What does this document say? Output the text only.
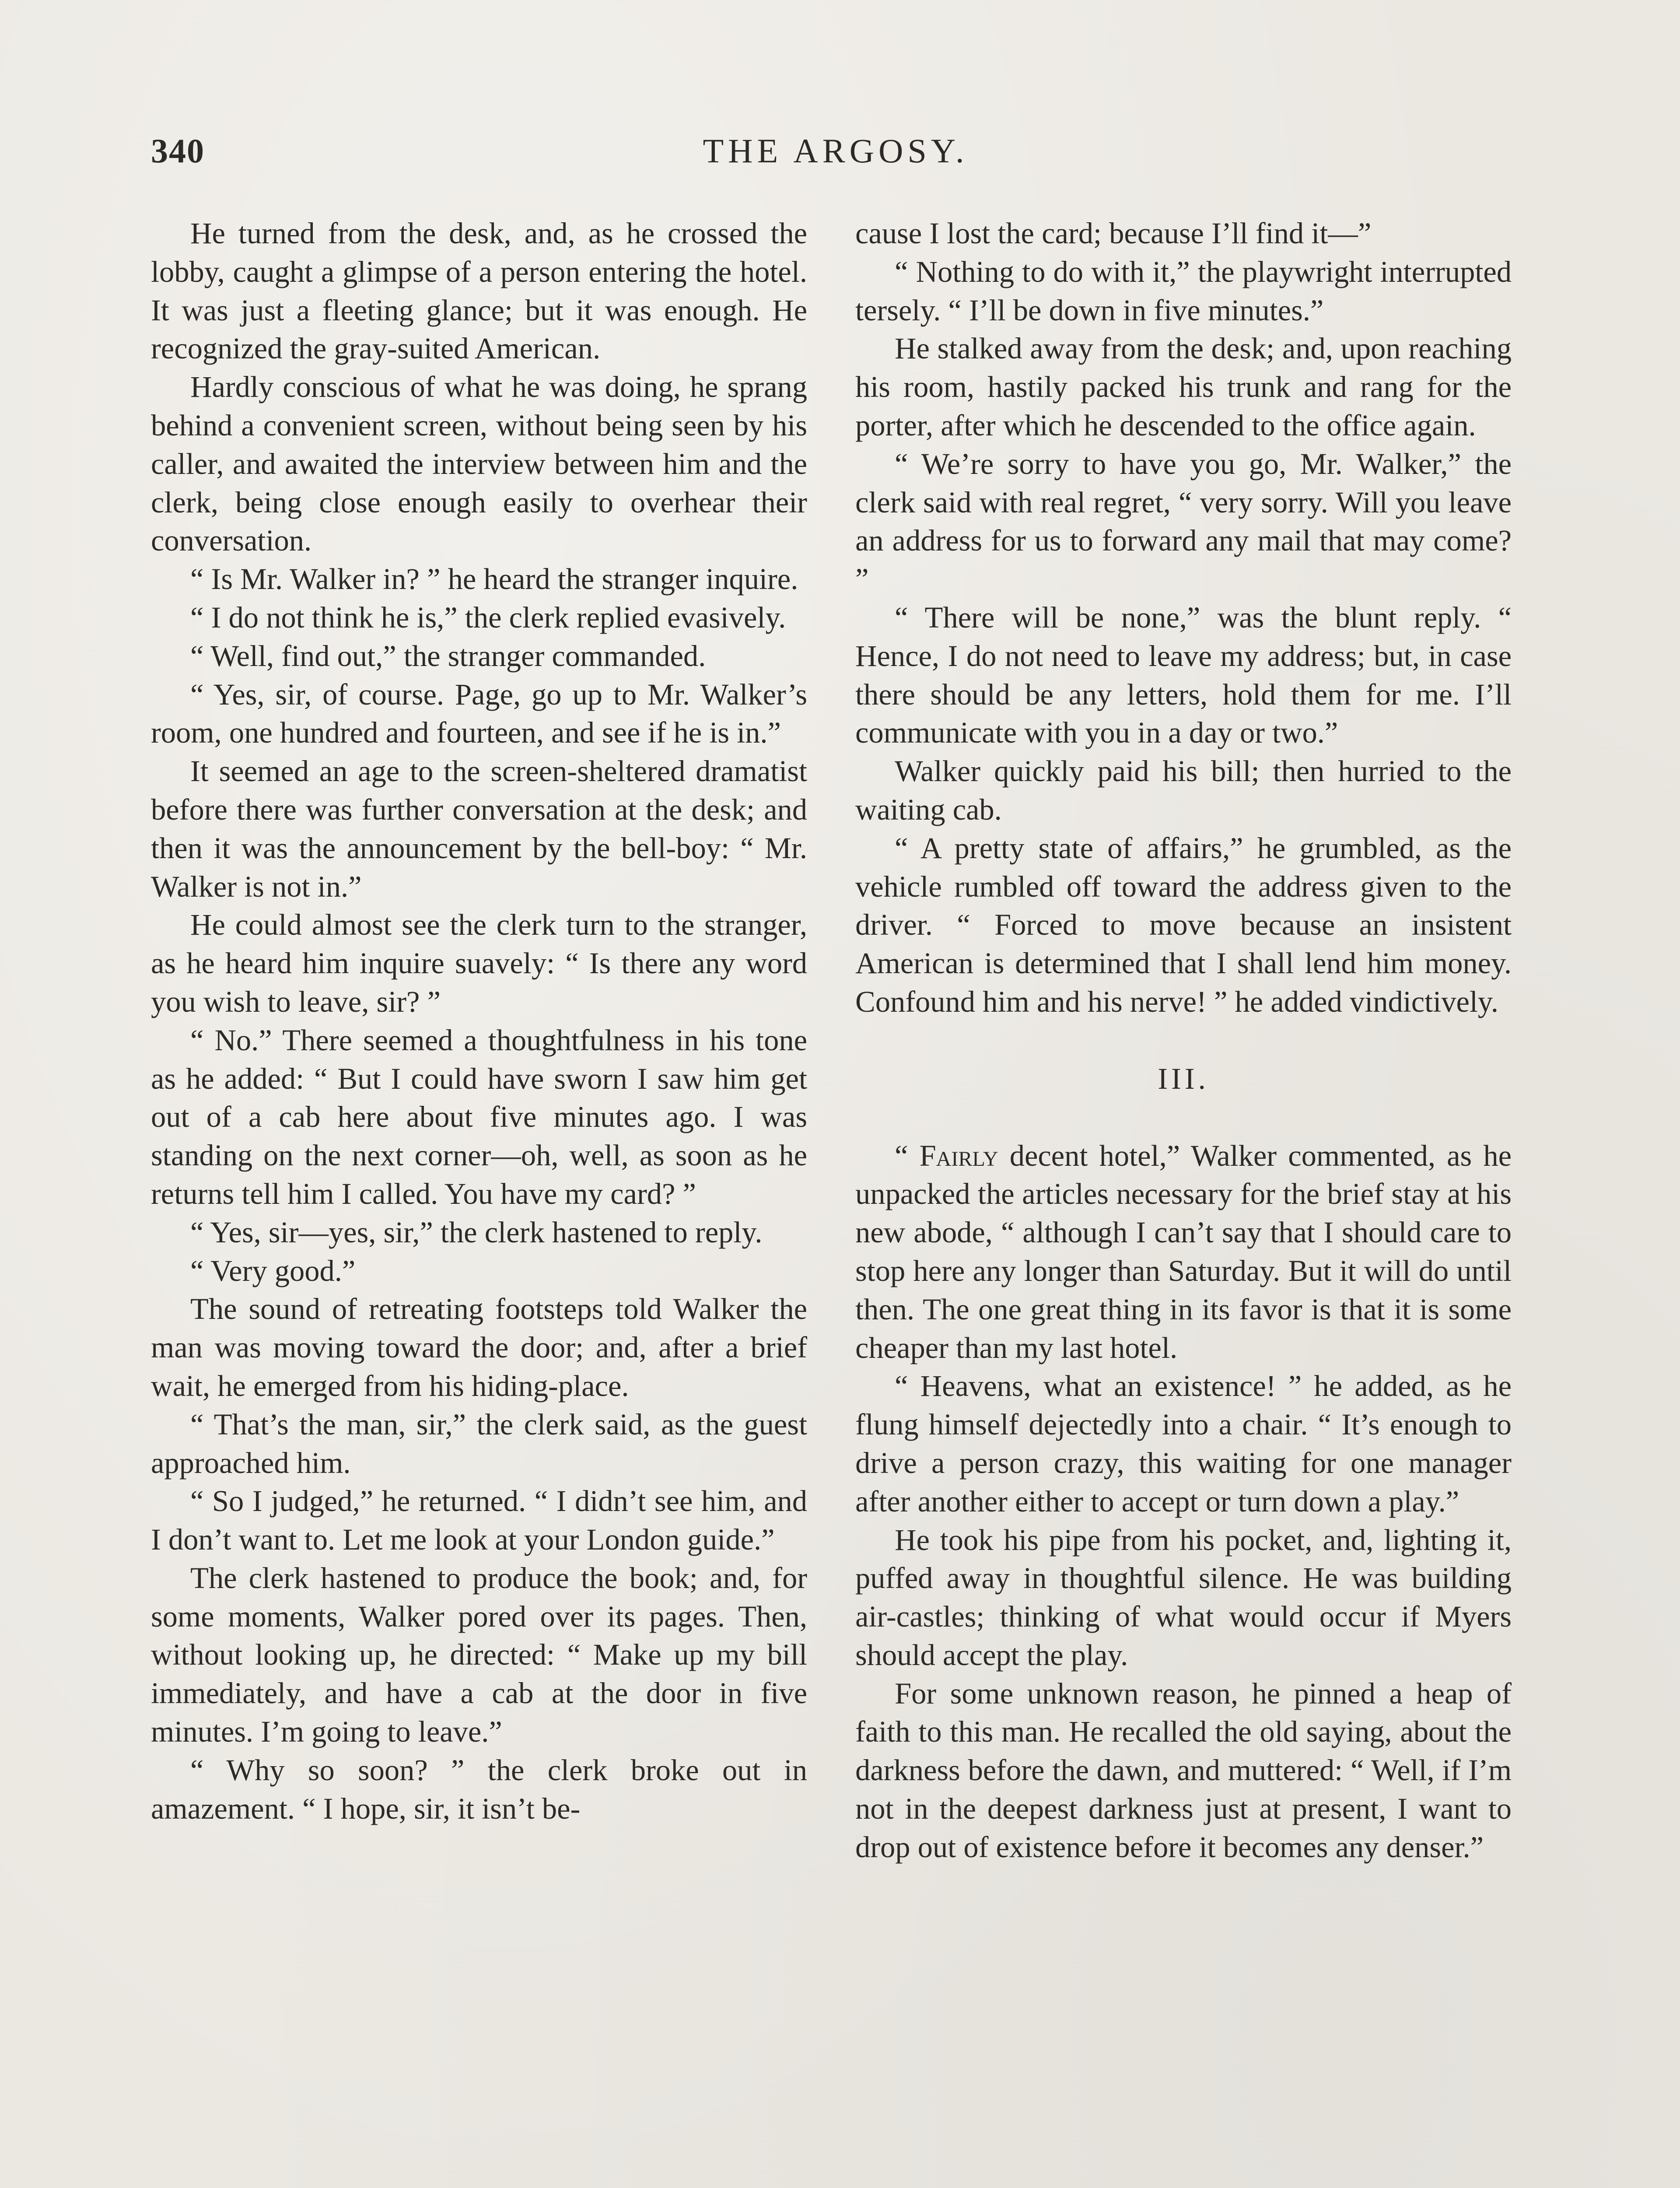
340	THE ARGOSY.

He turned from the desk, and, as he crossed the lobby, caught a glimpse of a person entering the hotel. It was just a fleeting glance; but it was enough. He recognized the gray-suited American.

Hardly conscious of what he was doing, he sprang behind a convenient screen, without being seen by his caller, and awaited the interview between him and the clerk, being close enough easily to overhear their conversation.

“ Is Mr. Walker in? ” he heard the stranger inquire.

“ I do not think he is,” the clerk replied evasively.

“ Well, find out,” the stranger commanded.

“ Yes, sir, of course. Page, go up to Mr. Walker’s room, one hundred and fourteen, and see if he is in.”

It seemed an age to the screen-sheltered dramatist before there was further conversation at the desk; and then it was the announcement by the bell-boy: “ Mr. Walker is not in.”

He could almost see the clerk turn to the stranger, as he heard him inquire suavely: “ Is there any word you wish to leave, sir? ”

“ No.” There seemed a thoughtfulness in his tone as he added: “ But I could have sworn I saw him get out of a cab here about five minutes ago. I was standing on the next corner—oh, well, as soon as he returns tell him I called. You have my card? ”

“ Yes, sir—yes, sir,” the clerk hastened to reply.

“ Very good.”

The sound of retreating footsteps told Walker the man was moving toward the door; and, after a brief wait, he emerged from his hiding-place.

“ That’s the man, sir,” the clerk said, as the guest approached him.

“ So I judged,” he returned. “ I didn’t see him, and I don’t want to. Let me look at your London guide.”

The clerk hastened to produce the book; and, for some moments, Walker pored over its pages. Then, without looking up, he directed: “ Make up my bill immediately, and have a cab at the door in five minutes. I’m going to leave.”

“ Why so soon? ” the clerk broke out in amazement. “ I hope, sir, it isn’t be-

cause I lost the card; because I’ll find it—”

“ Nothing to do with it,” the playwright interrupted tersely. “ I’ll be down in five minutes.”

He stalked away from the desk; and, upon reaching his room, hastily packed his trunk and rang for the porter, after which he descended to the office again.

“ We’re sorry to have you go, Mr. Walker,” the clerk said with real regret, “ very sorry. Will you leave an address for us to forward any mail that may come? ”

“ There will be none,” was the blunt reply. “ Hence, I do not need to leave my address; but, in case there should be any letters, hold them for me. I’ll communicate with you in a day or two.”

Walker quickly paid his bill; then hurried to the waiting cab.

“ A pretty state of affairs,” he grumbled, as the vehicle rumbled off toward the address given to the driver. “ Forced to move because an insistent American is determined that I shall lend him money. Confound him and his nerve! ” he added vindictively.

III.

“ Fairly decent hotel,” Walker commented, as he unpacked the articles necessary for the brief stay at his new abode, “ although I can’t say that I should care to stop here any longer than Saturday. But it will do until then. The one great thing in its favor is that it is some cheaper than my last hotel.

“ Heavens, what an existence! ” he added, as he flung himself dejectedly into a chair. “ It’s enough to drive a person crazy, this waiting for one manager after another either to accept or turn down a play.”

He took his pipe from his pocket, and, lighting it, puffed away in thoughtful silence. He was building air-castles; thinking of what would occur if Myers should accept the play.

For some unknown reason, he pinned a heap of faith to this man. He recalled the old saying, about the darkness before the dawn, and muttered: “ Well, if I’m not in the deepest darkness just at present, I want to drop out of existence before it becomes any denser.”
